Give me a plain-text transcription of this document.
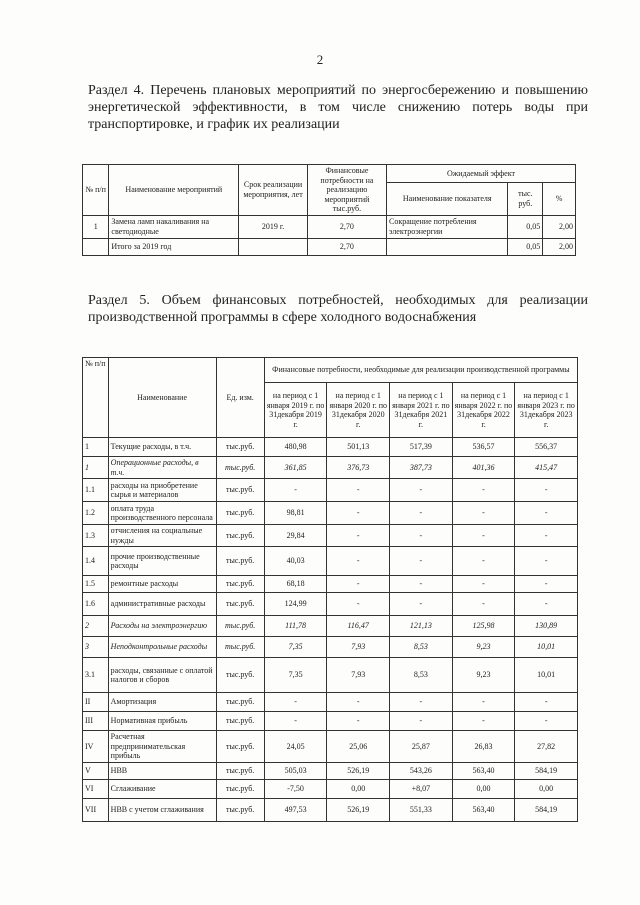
2
Раздел 4. Перечень плановых мероприятий по энергосбережению и повышению энергетической эффективности, в том числе снижению потерь воды при транспортировке, и график их реализации
№ п/п	Наименование мероприятий	Срок реализации мероприятия, лет	Финансовые потребности на реализацию мероприятий тыс.руб.	Ожидаемый эффект		
				Наименование показателя	тыс. руб.	%
1	Замена ламп накаливания на светодиодные	2019 г.	2,70	Сокращение потребления электроэнергии	0,05	2,00
	Итого за 2019 год		2,70		0,05	2,00
Раздел 5. Объем финансовых потребностей, необходимых для реализации производственной программы в сфере холодного водоснабжения
№ п/п	Наименование	Ед. изм.	Финансовые потребности, необходимые для реализации производственной программы				
			на период с 1 января 2019 г. по 31декабря 2019 г.	на период с 1 января 2020 г. по 31декабря 2020 г.	на период с 1 января 2021 г. по 31декабря 2021 г.	на период с 1 января 2022 г. по 31декабря 2022 г.	на период с 1 января 2023 г. по 31декабря 2023 г.
1	Текущие расходы, в т.ч.	тыс.руб.	480,98	501,13	517,39	536,57	556,37
1	Операционные расходы, в т.ч.	тыс.руб.	361,85	376,73	387,73	401,36	415,47
1.1	расходы на приобретение сырья и материалов	тыс.руб.	-	-	-	-	-
1.2	оплата труда производственного персонала	тыс.руб.	98,81	-	-	-	-
1.3	отчисления на социальные нужды	тыс.руб.	29,84	-	-	-	-
1.4	прочие производственные расходы	тыс.руб.	40,03	-	-	-	-
1.5	ремонтные расходы	тыс.руб.	68,18	-	-	-	-
1.6	административные расходы	тыс.руб.	124,99	-	-	-	-
2	Расходы на электроэнергию	тыс.руб.	111,78	116,47	121,13	125,98	130,89
3	Неподконтрольные расходы	тыс.руб.	7,35	7,93	8,53	9,23	10,01
3.1	расходы, связанные с оплатой налогов и сборов	тыс.руб.	7,35	7,93	8,53	9,23	10,01
II	Амортизация	тыс.руб.	-	-	-	-	-
III	Нормативная прибыль	тыс.руб.	-	-	-	-	-
IV	Расчетная предпринимательская прибыль	тыс.руб.	24,05	25,06	25,87	26,83	27,82
V	НВВ	тыс.руб.	505,03	526,19	543,26	563,40	584,19
VI	Сглаживание	тыс.руб.	-7,50	0,00	+8,07	0,00	0,00
VII	НВВ с учетом сглаживания	тыс.руб.	497,53	526,19	551,33	563,40	584,19
